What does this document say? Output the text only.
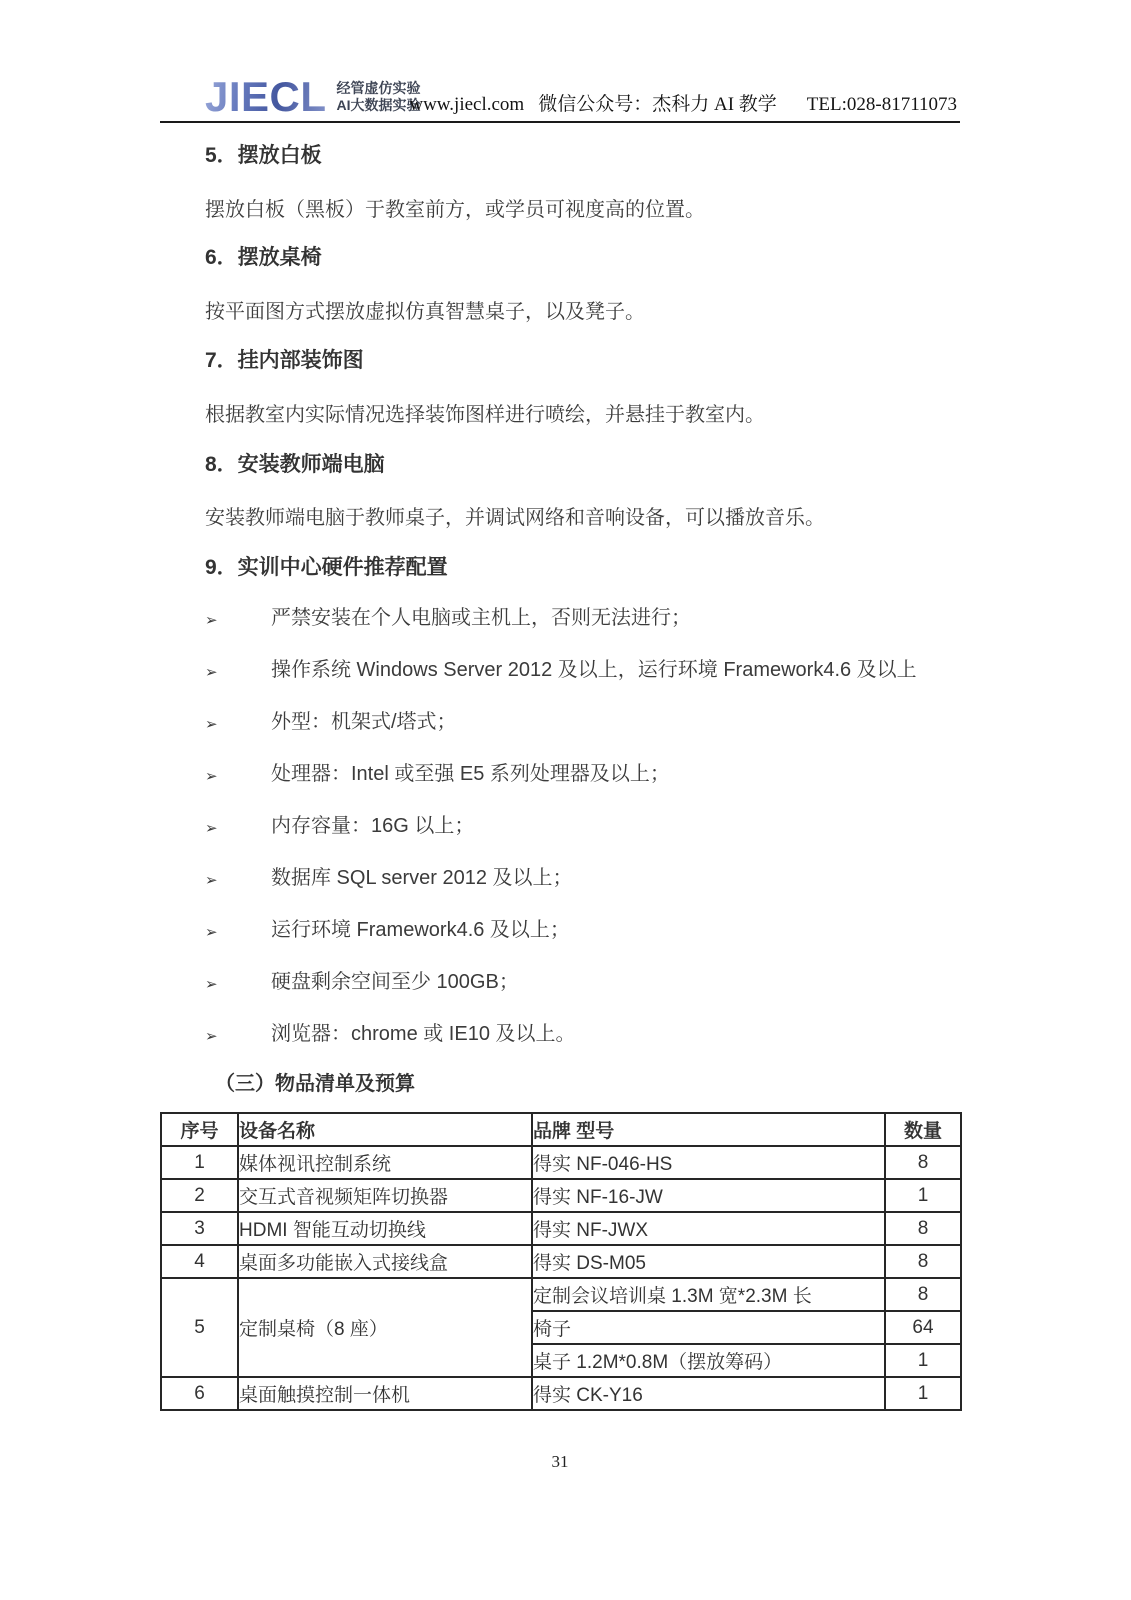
JIECL 经管虚仿实验
AI大数据实验
www.jiecl.com 微信公众号：杰科力 AI 教学 TEL:028-81711073
5．摆放白板
摆放白板（黑板）于教室前方，或学员可视度高的位置。
6．摆放桌椅
按平面图方式摆放虚拟仿真智慧桌子，以及凳子。
7．挂内部装饰图
根据教室内实际情况选择装饰图样进行喷绘，并悬挂于教室内。
8．安装教师端电脑
安装教师端电脑于教师桌子，并调试网络和音响设备，可以播放音乐。
9．实训中心硬件推荐配置
➢	严禁安装在个人电脑或主机上，否则无法进行；
➢	操作系统 Windows Server 2012 及以上，运行环境 Framework4.6 及以上
➢	外型：机架式/塔式；
➢	处理器：Intel 或至强 E5 系列处理器及以上；
➢	内存容量：16G 以上；
➢	数据库 SQL server 2012 及以上；
➢	运行环境 Framework4.6 及以上；
➢	硬盘剩余空间至少 100GB；
➢	浏览器：chrome 或 IE10 及以上。
（三）物品清单及预算
序号	设备名称	品牌 型号	数量
1	媒体视讯控制系统	得实 NF-046-HS	8
2	交互式音视频矩阵切换器	得实 NF-16-JW	1
3	HDMI 智能互动切换线	得实 NF-JWX	8
4	桌面多功能嵌入式接线盒	得实 DS-M05	8
5	定制桌椅（8 座）	定制会议培训桌 1.3M 宽*2.3M 长	8
		椅子	64
		桌子 1.2M*0.8M（摆放筹码）	1
6	桌面触摸控制一体机	得实 CK-Y16	1
31
